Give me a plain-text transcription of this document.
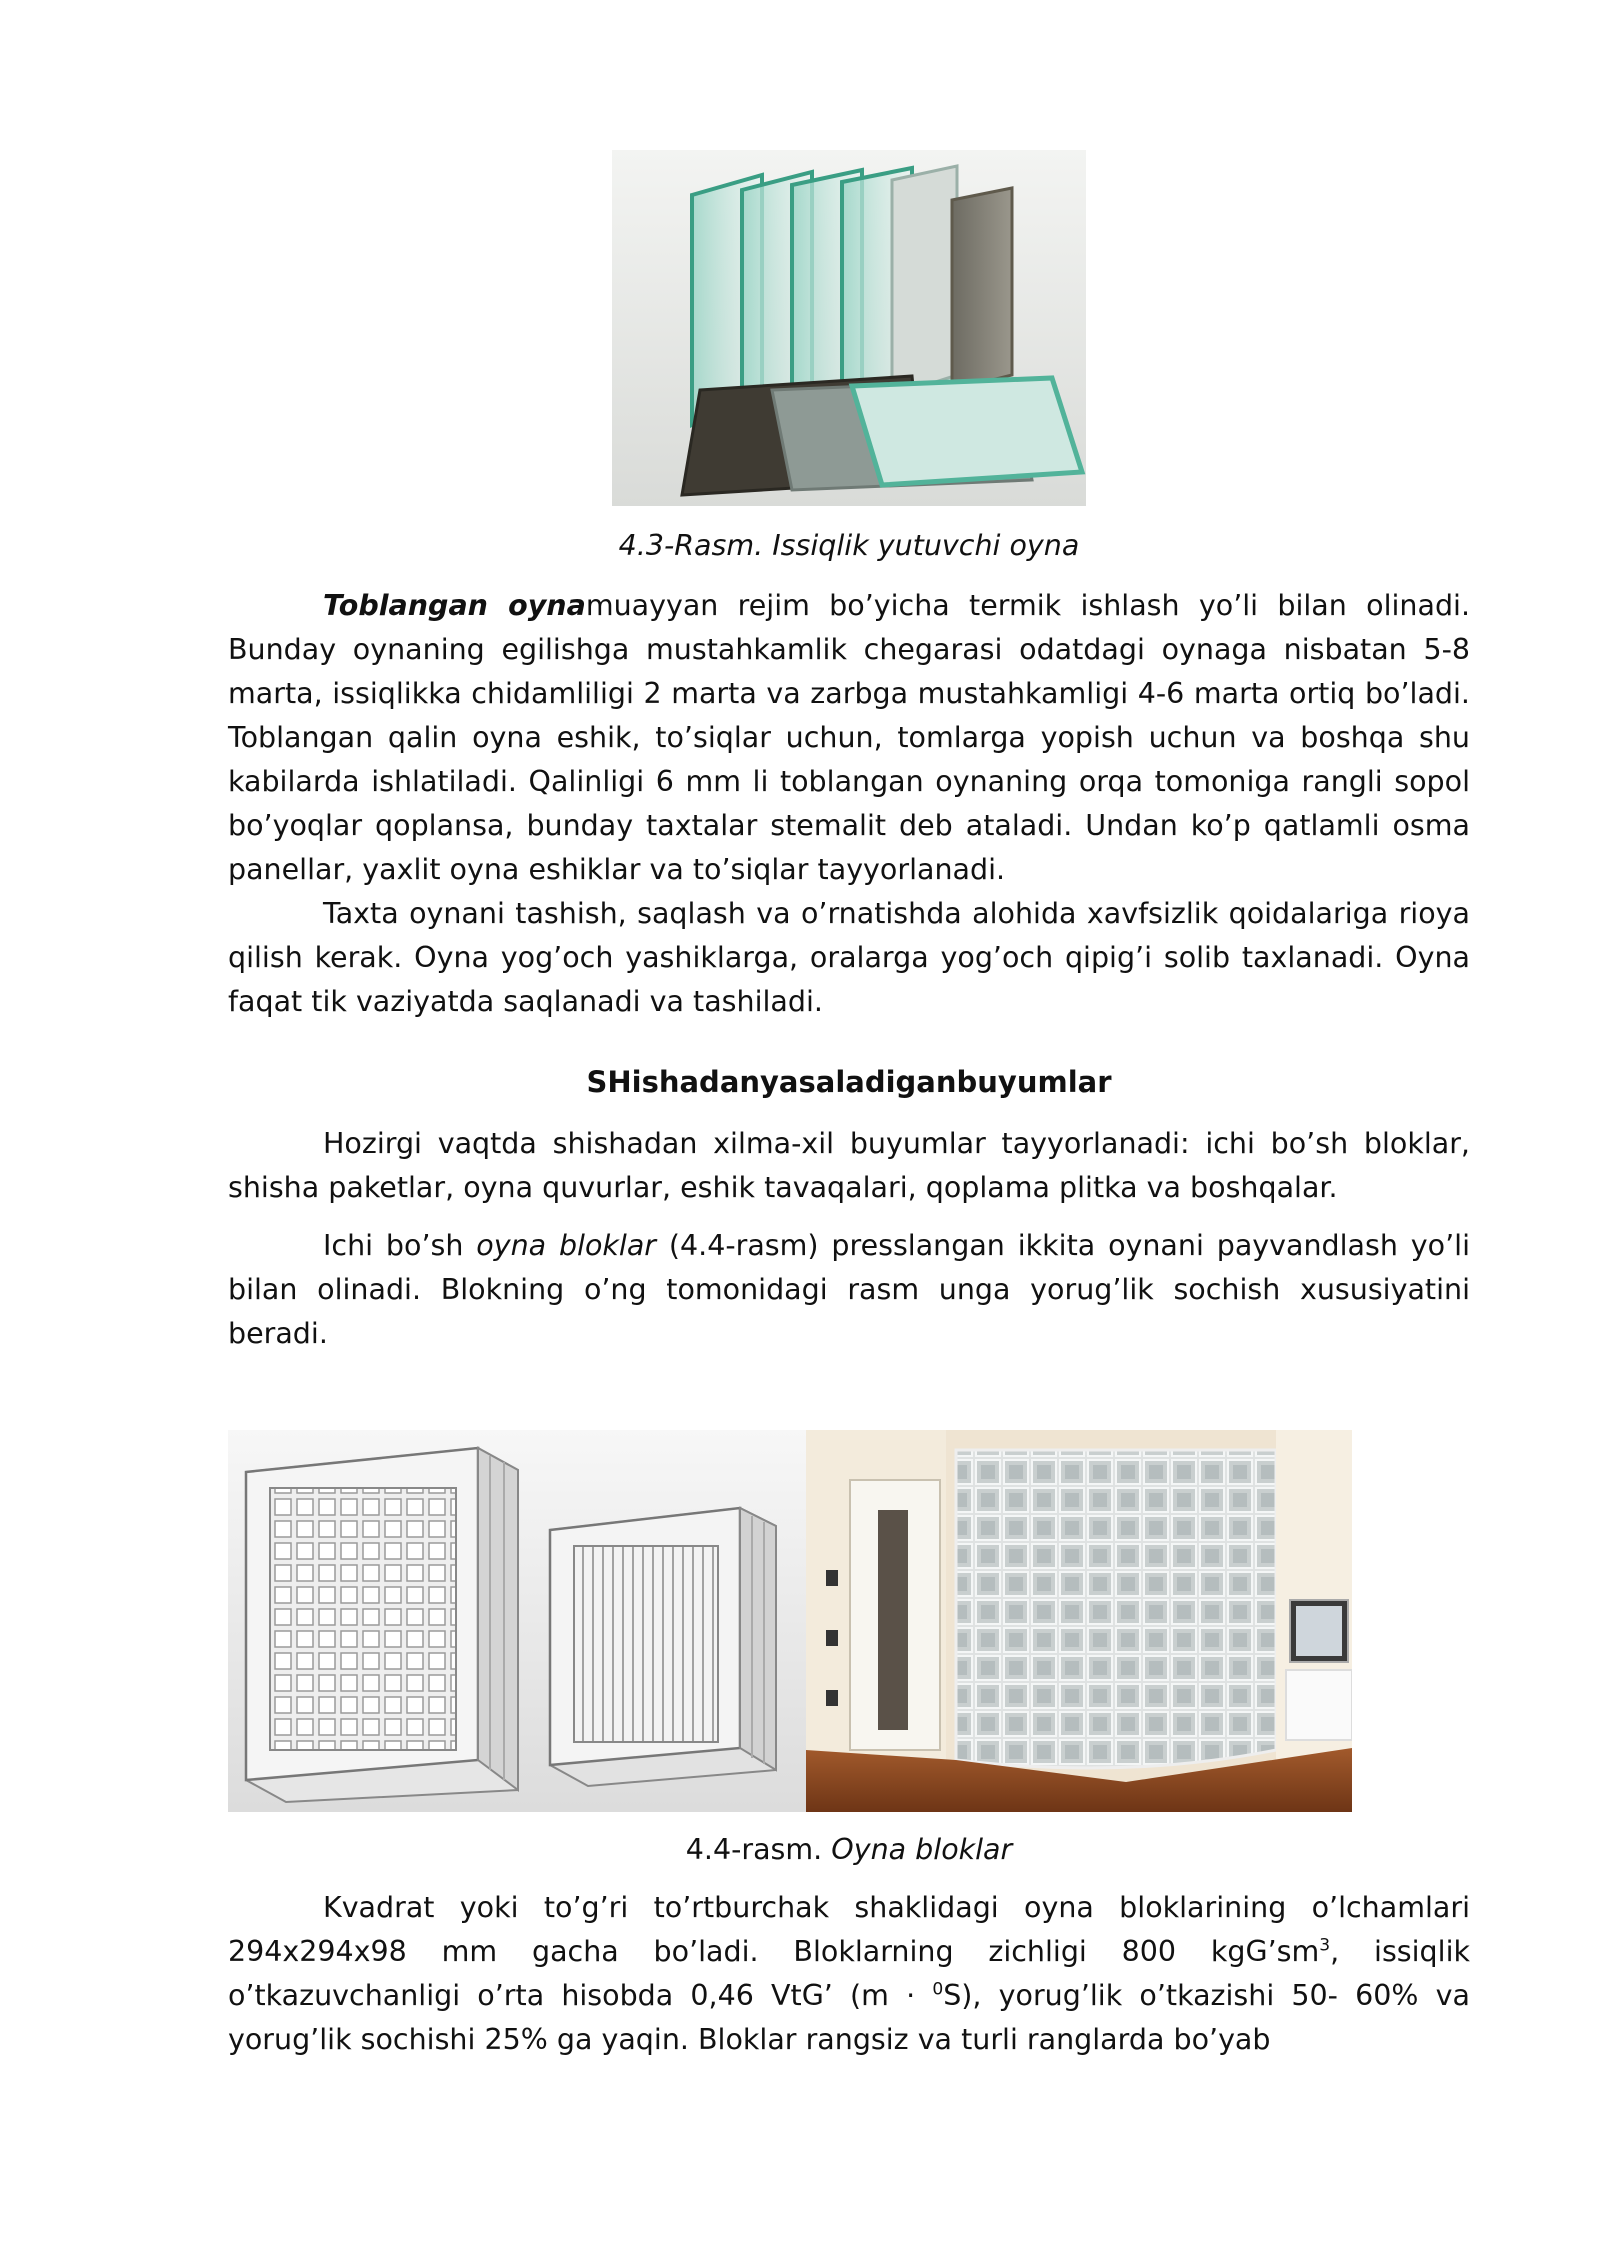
4.3-Rasm. Issiqlik yutuvchi oyna

Toblangan oynamuayyan rejim bo’yicha termik ishlash yo’li bilan olinadi. Bunday oynaning egilishga mustahkamlik chegarasi odatdagi oynaga nisbatan 5-8 marta, issiqlikka chidamliligi 2 marta va zarbga mustahkamligi 4-6 marta ortiq bo’ladi. Toblangan qalin oyna eshik, to’siqlar uchun, tomlarga yopish uchun va boshqa shu kabilarda ishlatiladi. Qalinligi 6 mm li toblangan oynaning orqa tomoniga rangli sopol bo’yoqlar qoplansa, bunday taxtalar stemalit deb ataladi. Undan ko’p qatlamli osma panellar, yaxlit oyna eshiklar va to’siqlar tayyorlanadi.

Taxta oynani tashish, saqlash va o’rnatishda alohida xavfsizlik qoidalariga rioya qilish kerak. Oyna yog’och yashiklarga, oralarga yog’och qipig’i solib taxlanadi. Oyna faqat tik vaziyatda saqlanadi va tashiladi.

SHishadanyasaladiganbuyumlar

Hozirgi vaqtda shishadan xilma-xil buyumlar tayyorlanadi: ichi bo’sh bloklar, shisha paketlar, oyna quvurlar, eshik tavaqalari, qoplama plitka va boshqalar.

Ichi bo’sh oyna bloklar (4.4-rasm) presslangan ikkita oynani payvandlash yo’li bilan olinadi. Blokning o’ng tomonidagi rasm unga yorug’lik sochish xususiyatini beradi.

4.4-rasm. Oyna bloklar

Kvadrat yoki to’g’ri to’rtburchak shaklidagi oyna bloklarining o’lchamlari 294x294x98 mm gacha bo’ladi. Bloklarning zichligi 800 $kgG’sm^3$, issiqlik o’tkazuvchanligi o’rta hisobda 0,46 VtG’ (m · $^0$S), yorug’lik o’tkazishi 50- 60% va yorug’lik sochishi 25% ga yaqin. Bloklar rangsiz va turli ranglarda bo’yab
